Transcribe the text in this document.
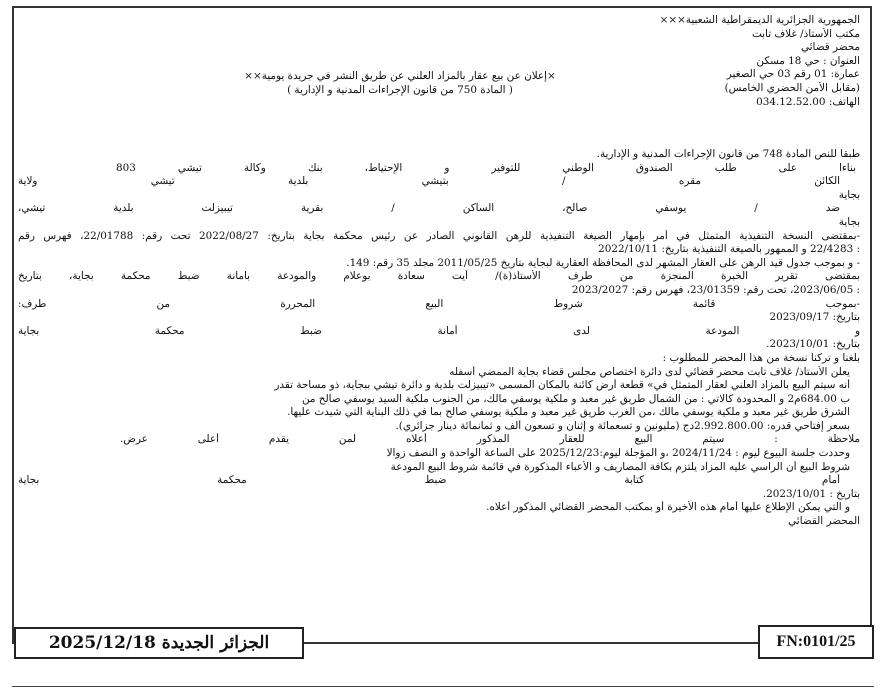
الجمهورية الجزائرية الديمقراطية الشعبية×××
مكتب الأستاذ/ غلاف تابت
محضر قضائي
العنوان : حي 18 مسكن
عمارة: 01 رقم 03 حي الصغير
(مقابل الأمن الحضري الخامس)
الهاتف: 034.12.52.00
×إعلان عن بيع عقار بالمزاد العلني عن طريق النشر في جريدة يومية××
( المادة 750 من قانون الإجراءات المدنية و الإدارية )
طبقا للنص المادة 748 من قانون الإجراءات المدنية و الإدارية.
بناءا على طلب الصندوق الوطني للتوفير و الإحتياط، بنك وكالة تيشي 803
الكائن مقره / بتيشي بلدية تيشي ولاية
بجاية
ضد / يوسفي صالح، الساكن / بقرية تيبيزلت بلدية تيشي،
بجاية
-بمقتضى النسخة التنفيذية المتمثل في أمر بإمهار الصيغة التنفيذية للرهن القانوني الصادر عن رئيس محكمة بجاية بتاريخ: 2022/08/27 تحت رقم: 22/01788، فهرس رقم
: 22/4283 و الممهور بالصيغة التنفيذية بتاريخ: 2022/10/11
- و بموجب جدول قيد الرهن على العقار المشهر لدى المحافظة العقارية لبجاية بتاريخ 2011/05/25 مجلد 35 رقم: 149.
بمقتضى تقرير الخبرة المنجزة من طرف الأستاذ(ة)/ أيت سعادة بوعلام والمودعة بأمانة ضبط محكمة بجاية، بتاريخ
: 2023/06/05، تحت رقم: 23/01359، فهرس رقم: 2023/2027
-بموجب قائمة شروط البيع المحررة من طرف:
بتاريخ: 2023/09/17
و المودعة لدى أمانة ضبط محكمة بجاية
بتاريخ: 2023/10/01.
بلغنا و تركنا نسخة من هذا المحضر للمطلوب :
يعلن الأستاذ/ غلاف تابت محضر قضائي لدى دائرة اختصاص مجلس قضاء بجاية الممضي أسفله
أنه سيتم البيع بالمزاد العلني لعقار المتمثل في» قطعة أرض كائنة بالمكان المسمى «تيبيزلت بلدية و دائرة تيشي ببجاية، ذو مساحة تقدر
ب 684.00م2 و المحدودة كالاتي : من الشمال طريق غير معبد و ملكية يوسفي مالك، من الجنوب ملكية السيد يوسفي صالح من
الشرق طريق غير معبد و ملكية يوسفي مالك ،من الغرب طريق غير معبد و ملكية يوسفي صالح بما في ذلك البناية التي شيدت عليها.
بسعر إفتاحي قدره: 2.992.800.00دج (مليونين و تسعمائة و إثنان و تسعون ألف و ثمانمائة دينار جزائري).
ملاحظة : سيتم البيع للعقار المذكور أعلاه لمن يقدم أعلى عرض.
وحددت جلسة البيوع ليوم : 2024/11/24 ،و المؤجلة ليوم:2025/12/23 على الساعة الواحدة و النصف زوالا
شروط البيع أن الراسي عليه المزاد يلتزم بكافة المصاريف و الأعباء المذكورة في قائمة شروط البيع المودعة
أمام كتابة ضبط محكمة بجاية
بتاريخ : 2023/10/01.
و التي يمكن الإطلاع عليها أمام هذه الأخيرة أو بمكتب المحضر القضائي المذكور أعلاه.
المحضر القضائي
الجزائر الجديدة

2025/12/18	FN:0101/25
